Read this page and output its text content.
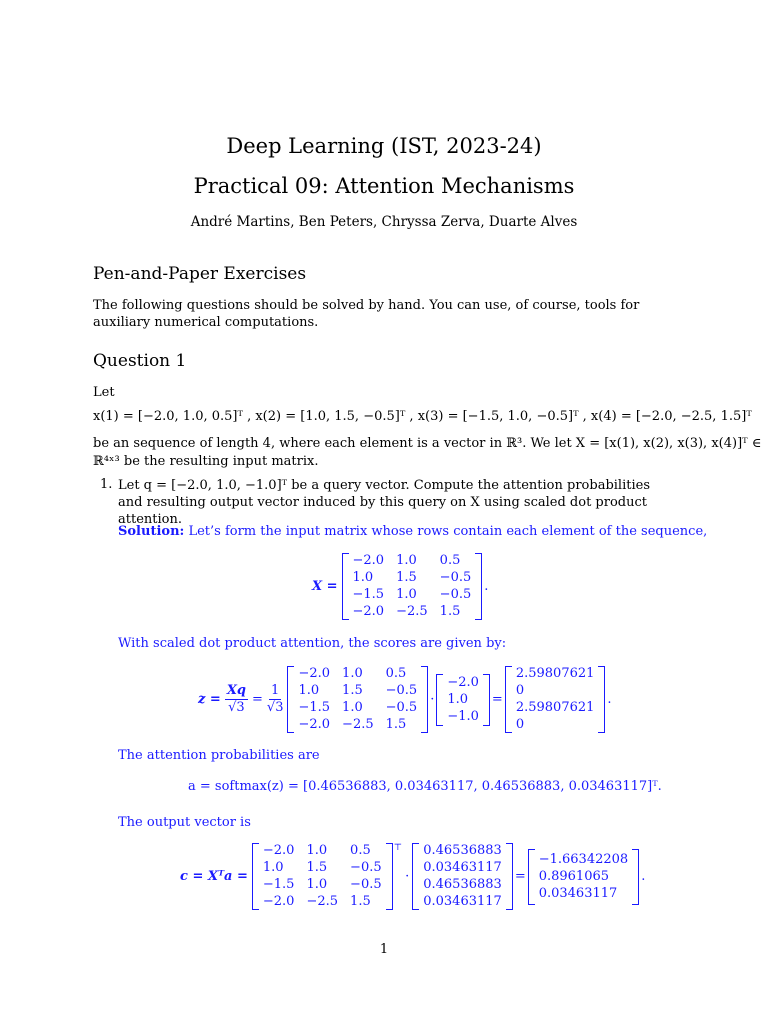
Deep Learning (IST, 2023-24)
Practical 09: Attention Mechanisms
André Martins, Ben Peters, Chryssa Zerva, Duarte Alves
Pen-and-Paper Exercises
The following questions should be solved by hand. You can use, of course, tools for auxiliary numerical computations.
Question 1
Let
x(1) = [−2.0, 1.0, 0.5]ᵀ , x(2) = [1.0, 1.5, −0.5]ᵀ , x(3) = [−1.5, 1.0, −0.5]ᵀ , x(4) = [−2.0, −2.5, 1.5]ᵀ
be an sequence of length 4, where each element is a vector in ℝ³. We let X = [x(1), x(2), x(3), x(4)]ᵀ ∈
ℝ⁴ˣ³ be the resulting input matrix.
1. Let q = [−2.0, 1.0, −1.0]ᵀ be a query vector. Compute the attention probabilities and resulting output vector induced by this query on X using scaled dot product attention.
Solution: Let’s form the input matrix whose rows contain each element of the sequence,
X =
−2.0 1.0	0.5
1.0	1.5	−0.5
−1.5 1.0	−0.5
−2.0 −2.5 1.5
.
With scaled dot product attention, the scores are given by:
$z = \frac{Xq}{√3} = \frac{1}{√3}$
−2.0 1.0	0.5
1.0	1.5	−0.5
−1.5 1.0	−0.5
−2.0 −2.5 1.5
·
−2.0
1.0
−1.0
=
2.59807621
0
2.59807621
0
.
The attention probabilities are
a = softmax(z) = [0.46536883, 0.03463117, 0.46536883, 0.03463117]ᵀ.
The output vector is
c = Xᵀa =
−2.0 1.0	0.5
1.0	1.5	−0.5
−1.5 1.0	−0.5
−2.0 −2.5 1.5
⊤
·
0.46536883
0.03463117
0.46536883
0.03463117
=
−1.66342208
0.8961065
0.03463117
.
1
